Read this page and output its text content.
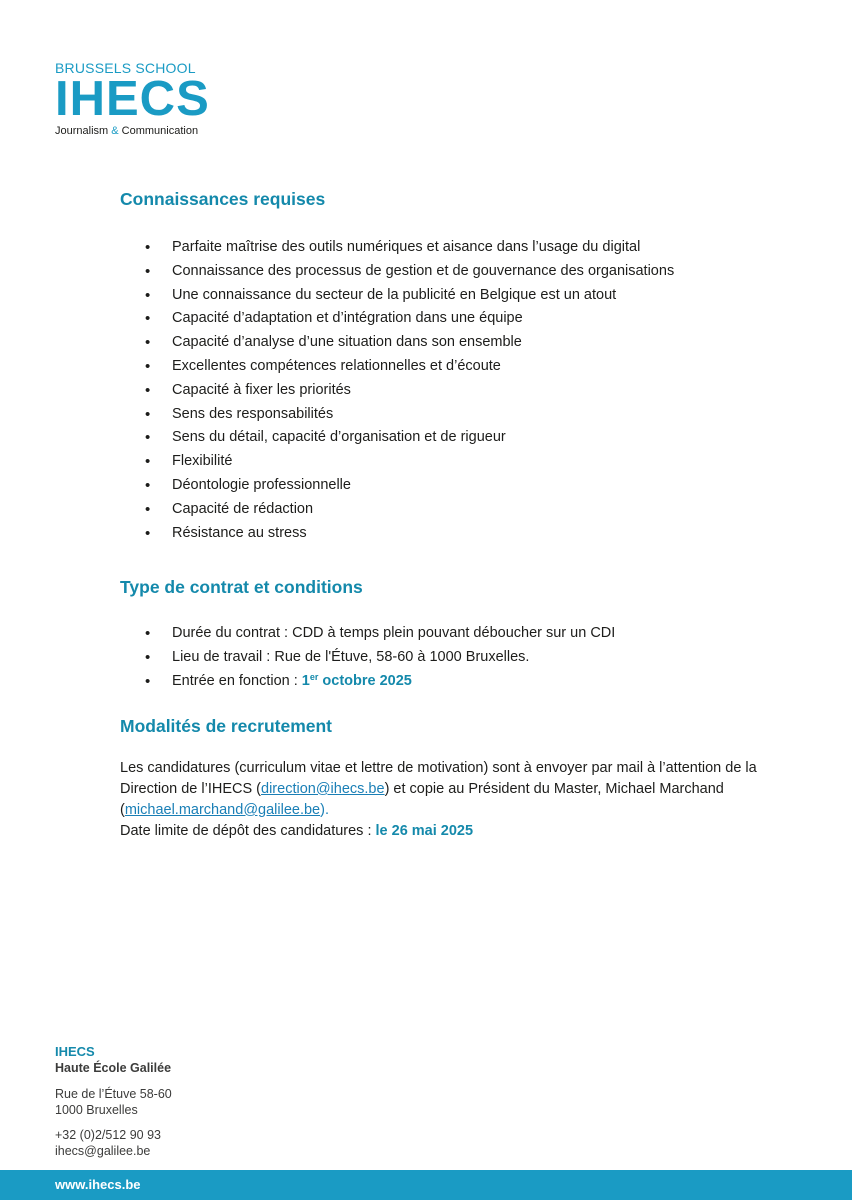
BRUSSELS SCHOOL
IHECS
Journalism & Communication
Connaissances requises
• Parfaite maîtrise des outils numériques et aisance dans l’usage du digital
• Connaissance des processus de gestion et de gouvernance des organisations
• Une connaissance du secteur de la publicité en Belgique est un atout
• Capacité d’adaptation et d’intégration dans une équipe
• Capacité d’analyse d’une situation dans son ensemble
• Excellentes compétences relationnelles et d’écoute
• Capacité à fixer les priorités
• Sens des responsabilités
• Sens du détail, capacité d’organisation et de rigueur
• Flexibilité
• Déontologie professionnelle
• Capacité de rédaction
• Résistance au stress
Type de contrat et conditions
• Durée du contrat : CDD à temps plein pouvant déboucher sur un CDI
• Lieu de travail : Rue de l'Étuve, 58-60 à 1000 Bruxelles.
• Entrée en fonction : 1er octobre 2025
Modalités de recrutement

Les candidatures (curriculum vitae et lettre de motivation) sont à envoyer par mail à l’attention de la Direction de l’IHECS (direction@ihecs.be) et copie au Président du Master, Michael Marchand (michael.marchand@galilee.be).

Date limite de dépôt des candidatures : le 26 mai 2025

IHECS
Haute École Galilée
Rue de l’Étuve 58-60
1000 Bruxelles
+32 (0)2/512 90 93
ihecs@galilee.be
www.ihecs.be
